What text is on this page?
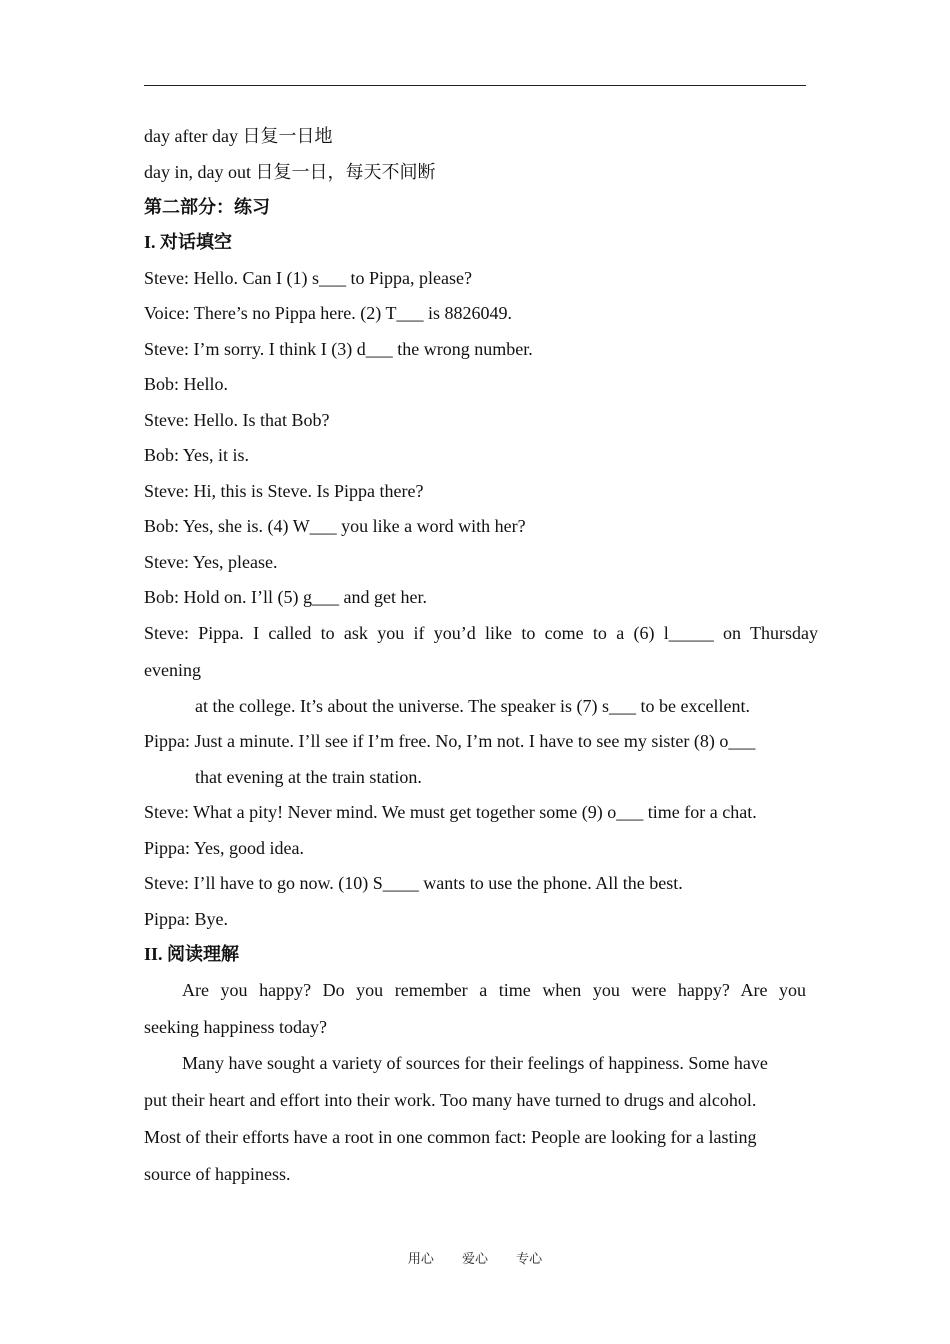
day after day 日复一日地
day in, day out 日复一日，每天不间断
第二部分：练习
I. 对话填空
Steve: Hello. Can I (1) s___ to Pippa, please?
Voice: There’s no Pippa here. (2) T___ is 8826049.
Steve: I’m sorry. I think I (3) d___ the wrong number.
Bob: Hello.
Steve: Hello. Is that Bob?
Bob: Yes, it is.
Steve: Hi, this is Steve. Is Pippa there?
Bob: Yes, she is. (4) W___ you like a word with her?
Steve: Yes, please.
Bob: Hold on. I’ll (5) g___ and get her.
Steve: Pippa. I called to ask you if you’d like to come to a (6) l_____ on Thursday
evening
at the college. It’s about the universe. The speaker is (7) s___ to be excellent.
Pippa: Just a minute. I’ll see if I’m free. No, I’m not. I have to see my sister (8) o___
that evening at the train station.
Steve: What a pity! Never mind. We must get together some (9) o___ time for a chat.
Pippa: Yes, good idea.
Steve: I’ll have to go now. (10) S____ wants to use the phone. All the best.
Pippa: Bye.
II. 阅读理解
Are you happy? Do you remember a time when you were happy? Are you
seeking happiness today?
Many have sought a variety of sources for their feelings of happiness. Some have
put their heart and effort into their work. Too many have turned to drugs and alcohol.
Most of their efforts have a root in one common fact: People are looking for a lasting
source of happiness.
用心 爱心 专心
